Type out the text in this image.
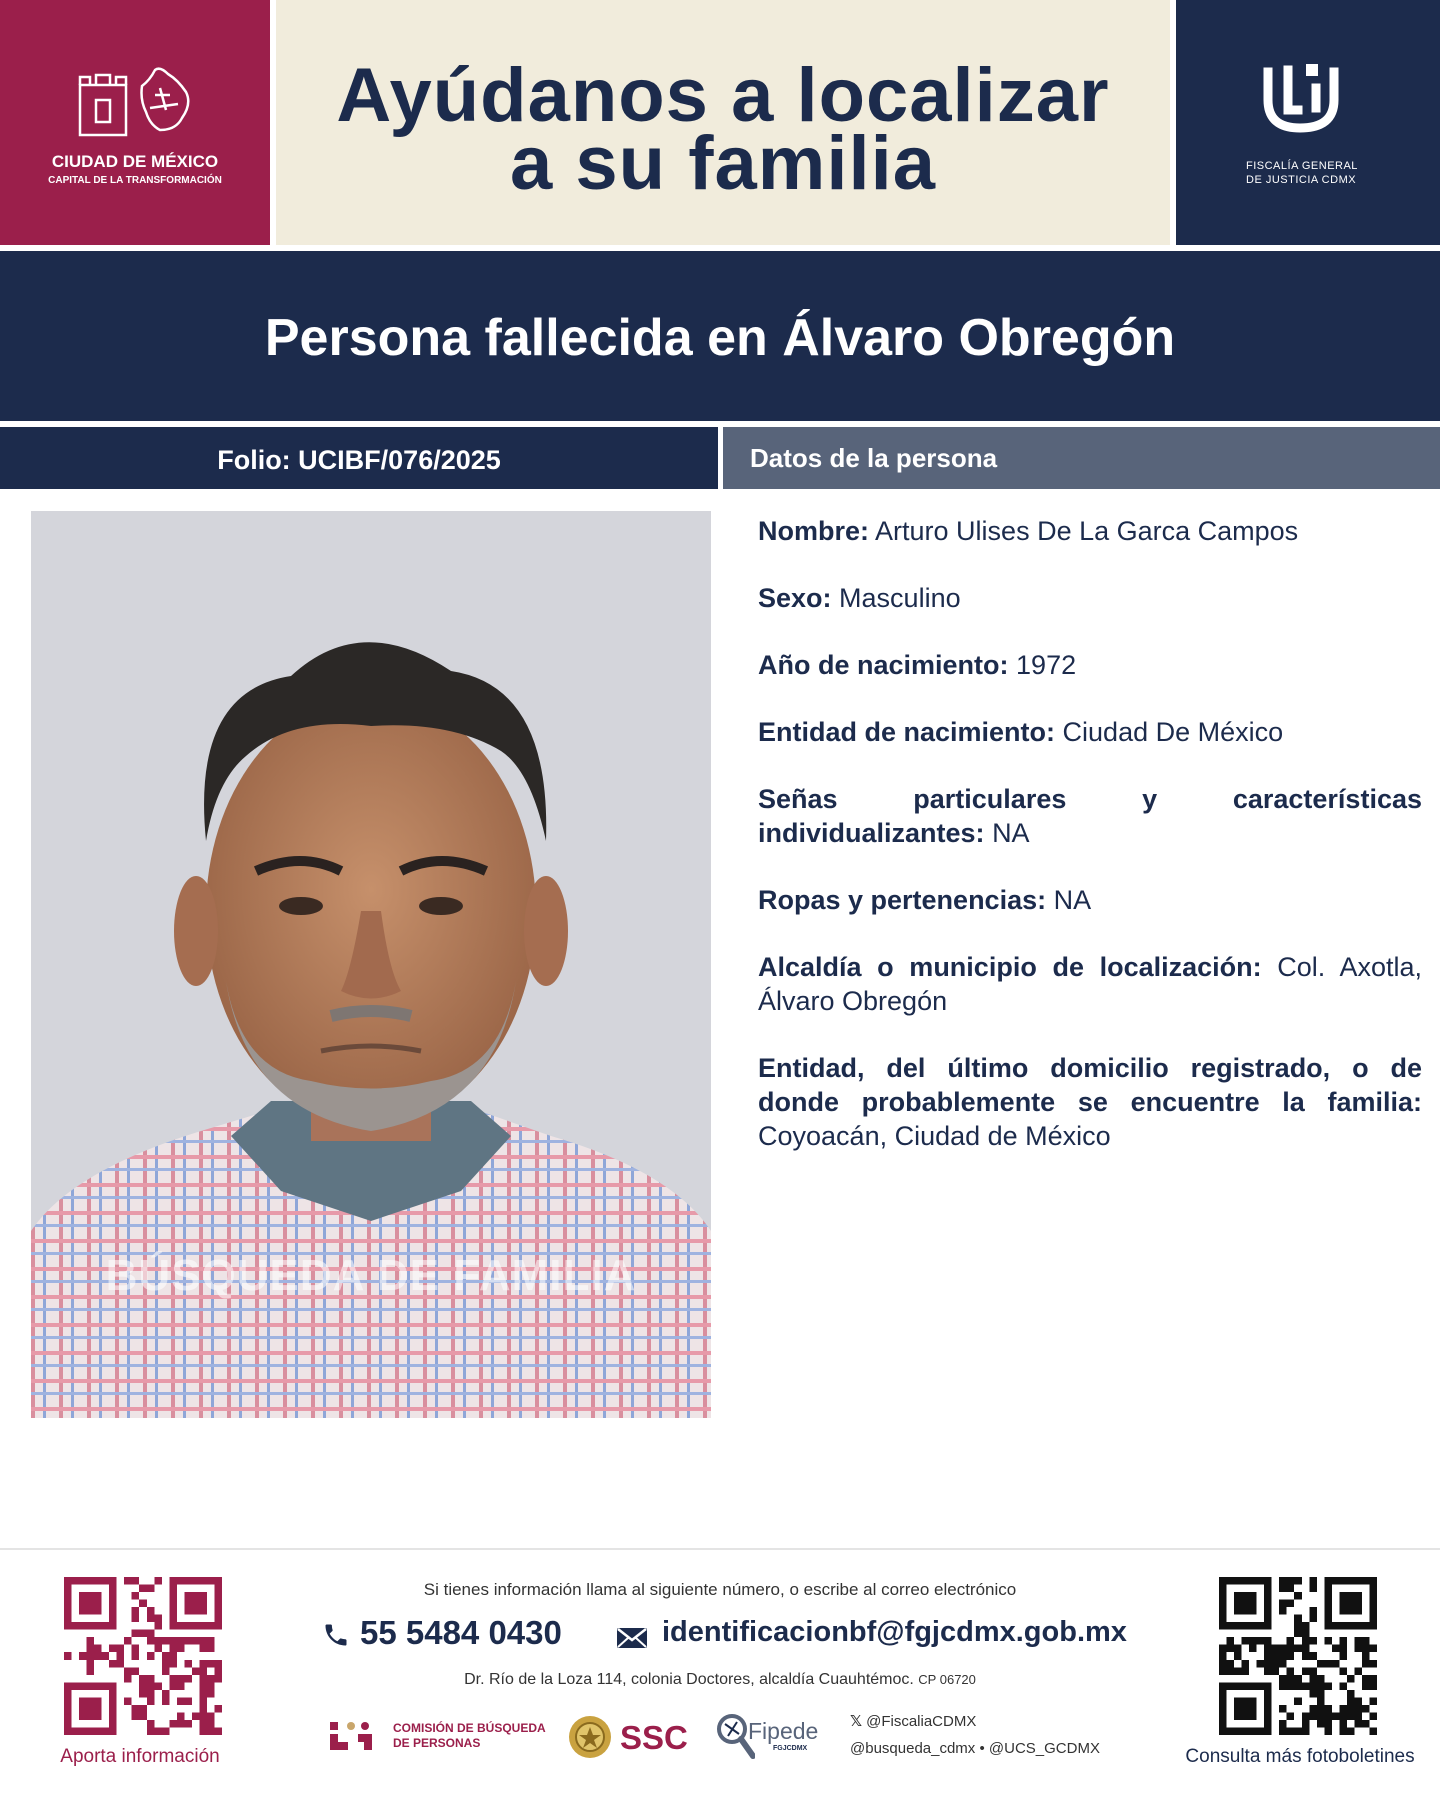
CIUDAD DE MÉXICO
CAPITAL DE LA TRANSFORMACIÓN
Ayúdanos a localizar
a su familia	FISCALÍA GENERAL
DE JUSTICIA CDMX
Persona fallecida en Álvaro Obregón
Folio: UCIBF/076/2025	Datos de la persona
BÚSQUEDA DE FAMILIA
Nombre: Arturo Ulises De La Garca Campos
Sexo: Masculino
Año de nacimiento: 1972
Entidad de nacimiento: Ciudad De México
Señas particulares y características individualizantes: NA
Ropas y pertenencias: NA
Alcaldía o municipio de localización: Col. Axotla, Álvaro Obregón
Entidad, del último domicilio registrado, o de donde probablemente se encuentre la familia: Coyoacán, Ciudad de México
Aporta información	Consulta más fotoboletines
Si tienes información llama al siguiente número, o escribe al correo electrónico
55 5484 0430	identificacionbf@fgjcdmx.gob.mx
Dr. Río de la Loza 114, colonia Doctores, alcaldía Cuauhtémoc. CP 06720
COMISIÓN DE BÚSQUEDA
DE PERSONAS	SSC	Fipede
FGJCDMX
𝕏 @FiscaliaCDMX
@busqueda_cdmx • @UCS_GCDMX
